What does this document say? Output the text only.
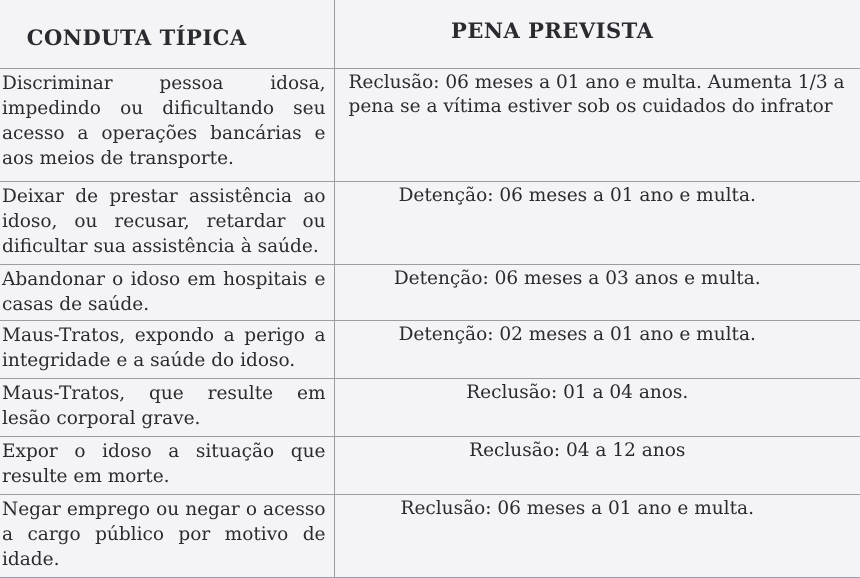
CONDUTA TÍPICA	PENA PREVISTA
Discriminar pessoa idosa, impedindo ou dificultando seu acesso a operações bancárias e aos meios de transporte.	Reclusão: 06 meses a 01 ano e multa. Aumenta 1/3 a pena se a vítima estiver sob os cuidados do infrator
Deixar de prestar assistência ao idoso, ou recusar, retardar ou dificultar sua assistência à saúde.	Detenção: 06 meses a 01 ano e multa.
Abandonar o idoso em hospitais e casas de saúde.	Detenção: 06 meses a 03 anos e multa.
Maus-Tratos, expondo a perigo a integridade e a saúde do idoso.	Detenção: 02 meses a 01 ano e multa.
Maus-Tratos, que resulte em lesão corporal grave.	Reclusão: 01 a 04 anos.
Expor o idoso a situação que resulte em morte.	Reclusão: 04 a 12 anos
Negar emprego ou negar o acesso a cargo público por motivo de idade.	Reclusão: 06 meses a 01 ano e multa.
